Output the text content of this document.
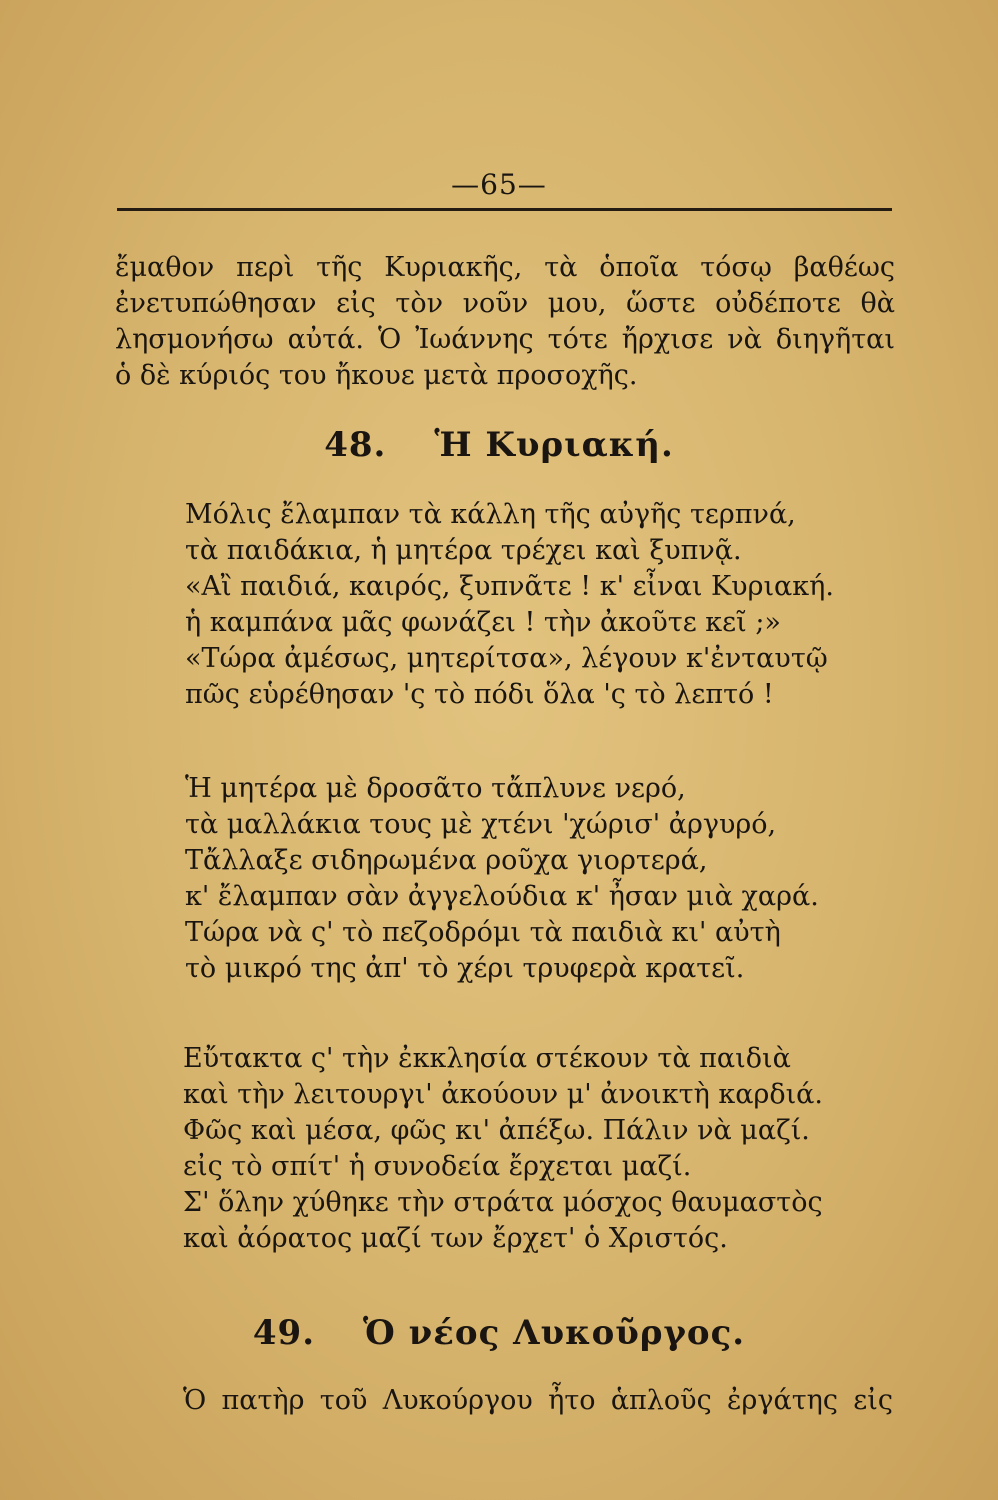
—65—
ἔμαθον περὶ τῆς Κυριακῆς, τὰ ὁποῖα τόσῳ βαθέως
ἐνετυπώθησαν εἰς τὸν νοῦν μου, ὥστε οὐδέποτε θὰ
λησμονήσω αὐτά. Ὁ Ἰωάννης τότε ἤρχισε νὰ διηγῆται
ὁ δὲ κύριός του ἤκουε μετὰ προσοχῆς.
48. Ἡ Κυριακή.
Μόλις ἔλαμπαν τὰ κάλλη τῆς αὐγῆς τερπνά,
τὰ παιδάκια, ἡ μητέρα τρέχει καὶ ξυπνᾷ.
«Αἲ παιδιά, καιρός, ξυπνᾶτε ! κ' εἶναι Κυριακή.
ἡ καμπάνα μᾶς φωνάζει ! τὴν ἀκοῦτε κεῖ ;»
«Τώρα ἀμέσως, μητερίτσα», λέγουν κ'ἐνταυτῷ
πῶς εὑρέθησαν 'ς τὸ πόδι ὅλα 'ς τὸ λεπτό !
Ἡ μητέρα μὲ δροσᾶτο τἄπλυνε νερό,
τὰ μαλλάκια τους μὲ χτένι 'χώρισ' ἀργυρό,
Τἄλλαξε σιδηρωμένα ροῦχα γιορτερά,
κ' ἔλαμπαν σὰν ἀγγελούδια κ' ἦσαν μιὰ χαρά.
Τώρα νὰ ς' τὸ πεζοδρόμι τὰ παιδιὰ κι' αὐτὴ
τὸ μικρό της ἀπ' τὸ χέρι τρυφερὰ κρατεῖ.
Εὔτακτα ς' τὴν ἐκκλησία στέκουν τὰ παιδιὰ
καὶ τὴν λειτουργι' ἀκούουν μ' ἀνοικτὴ καρδιά.
Φῶς καὶ μέσα, φῶς κι' ἀπέξω. Πάλιν νὰ μαζί.
εἰς τὸ σπίτ' ἡ συνοδεία ἔρχεται μαζί.
Σ' ὅλην χύθηκε τὴν στράτα μόσχος θαυμαστὸς
καὶ ἀόρατος μαζί των ἔρχετ' ὁ Χριστός.
49. Ὁ νέος Λυκοῦργος.
Ὁ πατὴρ τοῦ Λυκούργου ἦτο ἁπλοῦς ἐργάτης εἰς
